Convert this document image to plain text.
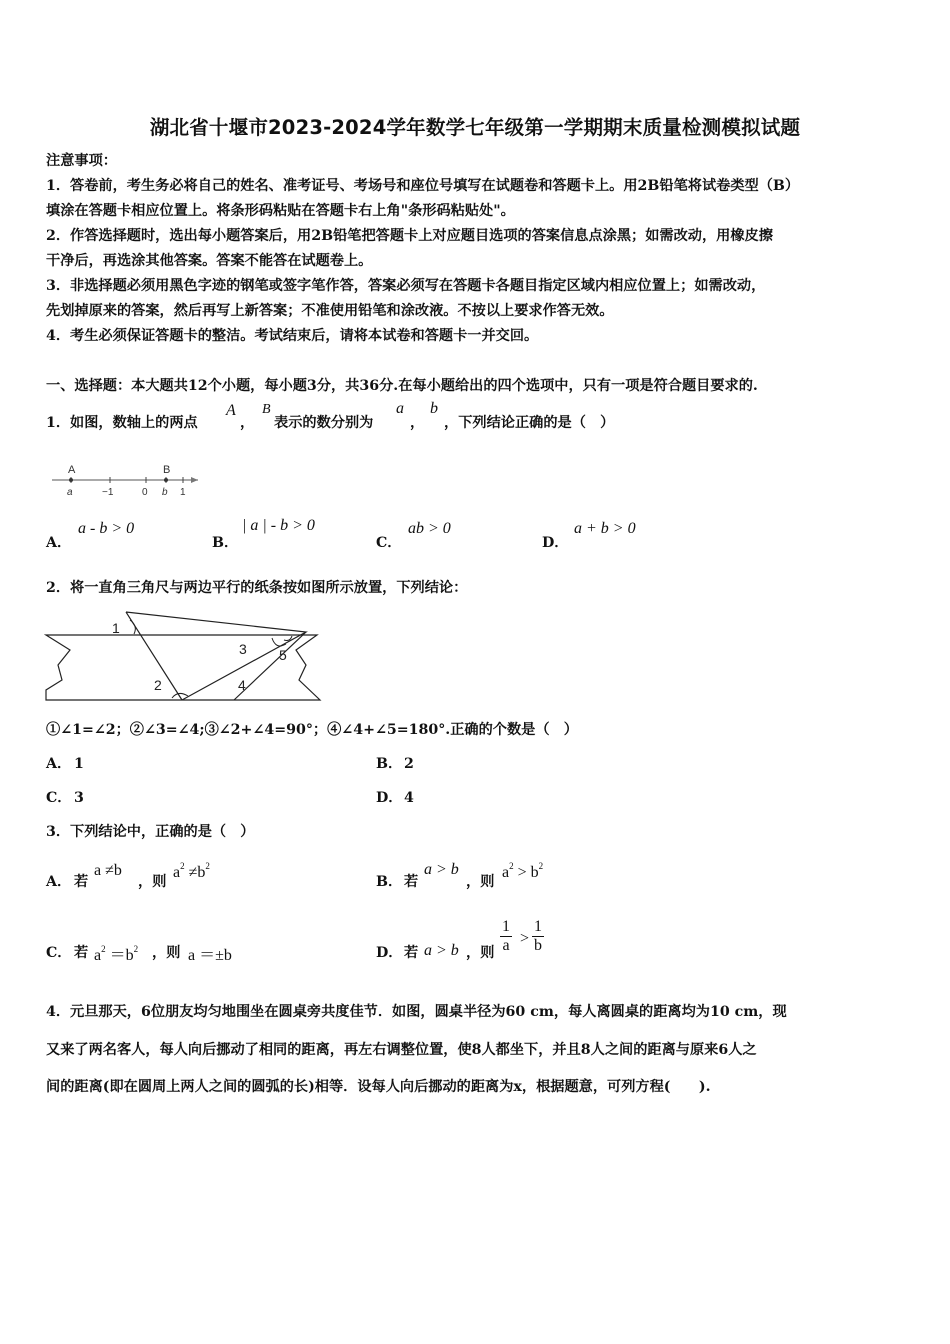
湖北省十堰市2023-2024学年数学七年级第一学期期末质量检测模拟试题
注意事项：
1．答卷前，考生务必将自己的姓名、准考证号、考场号和座位号填写在试题卷和答题卡上。用2B铅笔将试卷类型（B）
填涂在答题卡相应位置上。将条形码粘贴在答题卡右上角"条形码粘贴处"。
2．作答选择题时，选出每小题答案后，用2B铅笔把答题卡上对应题目选项的答案信息点涂黑；如需改动，用橡皮擦
干净后，再选涂其他答案。答案不能答在试题卷上。
3．非选择题必须用黑色字迹的钢笔或签字笔作答，答案必须写在答题卡各题目指定区域内相应位置上；如需改动，
先划掉原来的答案，然后再写上新答案；不准使用铅笔和涂改液。不按以上要求作答无效。
4．考生必须保证答题卡的整洁。考试结束后，请将本试卷和答题卡一并交回。
一、选择题：本大题共12个小题，每小题3分，共36分.在每小题给出的四个选项中，只有一项是符合题目要求的.
1．如图，数轴上的两点
A
，
B
表示的数分别为
a
，
b
，下列结论正确的是（　）
A	B
a	−1	0 b 1
A．
a - b > 0
B．
| a | - b > 0
C．
ab > 0
D．
a + b > 0
2．将一直角三角尺与两边平行的纸条按如图所示放置，下列结论：
1
2
3
4
5
①∠1=∠2；②∠3=∠4;③∠2+∠4=90°；④∠4+∠5=180°.正确的个数是（　）
A． 1	B． 2
C． 3	D． 4
3．下列结论中，正确的是（　）
A． 若
a ≠b
，则
$a^2 \ne b^2$
B． 若
a > b
，则
$a^2 > b^2$
C． 若 $a^2 =b^2$ ，则 a ＝±b	D． 若 a > b ，则 $\frac{1}{a} > \frac{1}{b}$
4．元旦那天，6位朋友均匀地围坐在圆桌旁共度佳节．如图，圆桌半径为60 cm，每人离圆桌的距离均为10 cm，现
又来了两名客人，每人向后挪动了相同的距离，再左右调整位置，使8人都坐下，并且8人之间的距离与原来6人之
间的距离(即在圆周上两人之间的圆弧的长)相等．设每人向后挪动的距离为x，根据题意，可列方程(　　).
